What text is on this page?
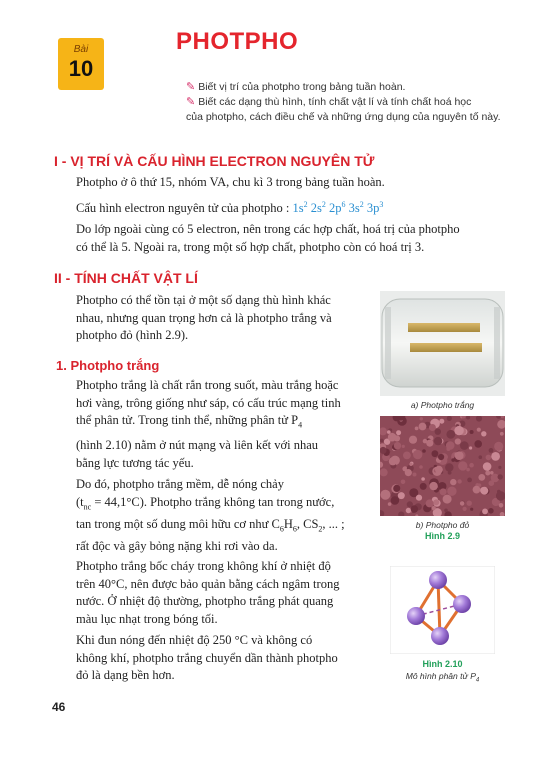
Bài
10
PHOTPHO
✎ Biết vị trí của photpho trong bảng tuần hoàn.
✎ Biết các dạng thù hình, tính chất vật lí và tính chất hoá học
của photpho, cách điều chế và những ứng dụng của nguyên tố này.
I - VỊ TRÍ VÀ CẤU HÌNH ELECTRON NGUYÊN TỬ
Photpho ở ô thứ 15, nhóm VA, chu kì 3 trong bảng tuần hoàn.
Cấu hình electron nguyên tử của photpho : $1s^2$ $2s^2$ $2p^6$ $3s^2$ $3p^3$
Do lớp ngoài cùng có 5 electron, nên trong các hợp chất, hoá trị của photpho
có thể là 5. Ngoài ra, trong một số hợp chất, photpho còn có hoá trị 3.
II - TÍNH CHẤT VẬT LÍ
Photpho có thể tồn tại ở một số dạng thù hình khác
nhau, nhưng quan trọng hơn cả là photpho trắng và
photpho đỏ (hình 2.9).
1. Photpho trắng
Photpho trắng là chất rắn trong suốt, màu trắng hoặc
hơi vàng, trông giống như sáp, có cấu trúc mạng tinh
thể phân tử. Trong tinh thể, những phân tử $P_4$
(hình 2.10) nằm ở nút mạng và liên kết với nhau
bằng lực tương tác yếu.
Do đó, photpho trắng mềm, dễ nóng chảy
$(t_{nc} = 44,1^\circ C)$. Photpho trắng không tan trong nước,
tan trong một số dung môi hữu cơ như $C_6H_6$, $CS_2$, ... ;
rất độc và gây bỏng nặng khi rơi vào da.
Photpho trắng bốc cháy trong không khí ở nhiệt độ
trên 40°C, nên được bảo quản bằng cách ngâm trong
nước. Ở nhiệt độ thường, photpho trắng phát quang
màu lục nhạt trong bóng tối.
Khi đun nóng đến nhiệt độ 250 °C và không có
không khí, photpho trắng chuyển dần thành photpho
đỏ là dạng bền hơn.
a) Photpho trắng
b) Photpho đỏ
Hình 2.9
Hình 2.10
Mô hình phân tử $P_4$
46
